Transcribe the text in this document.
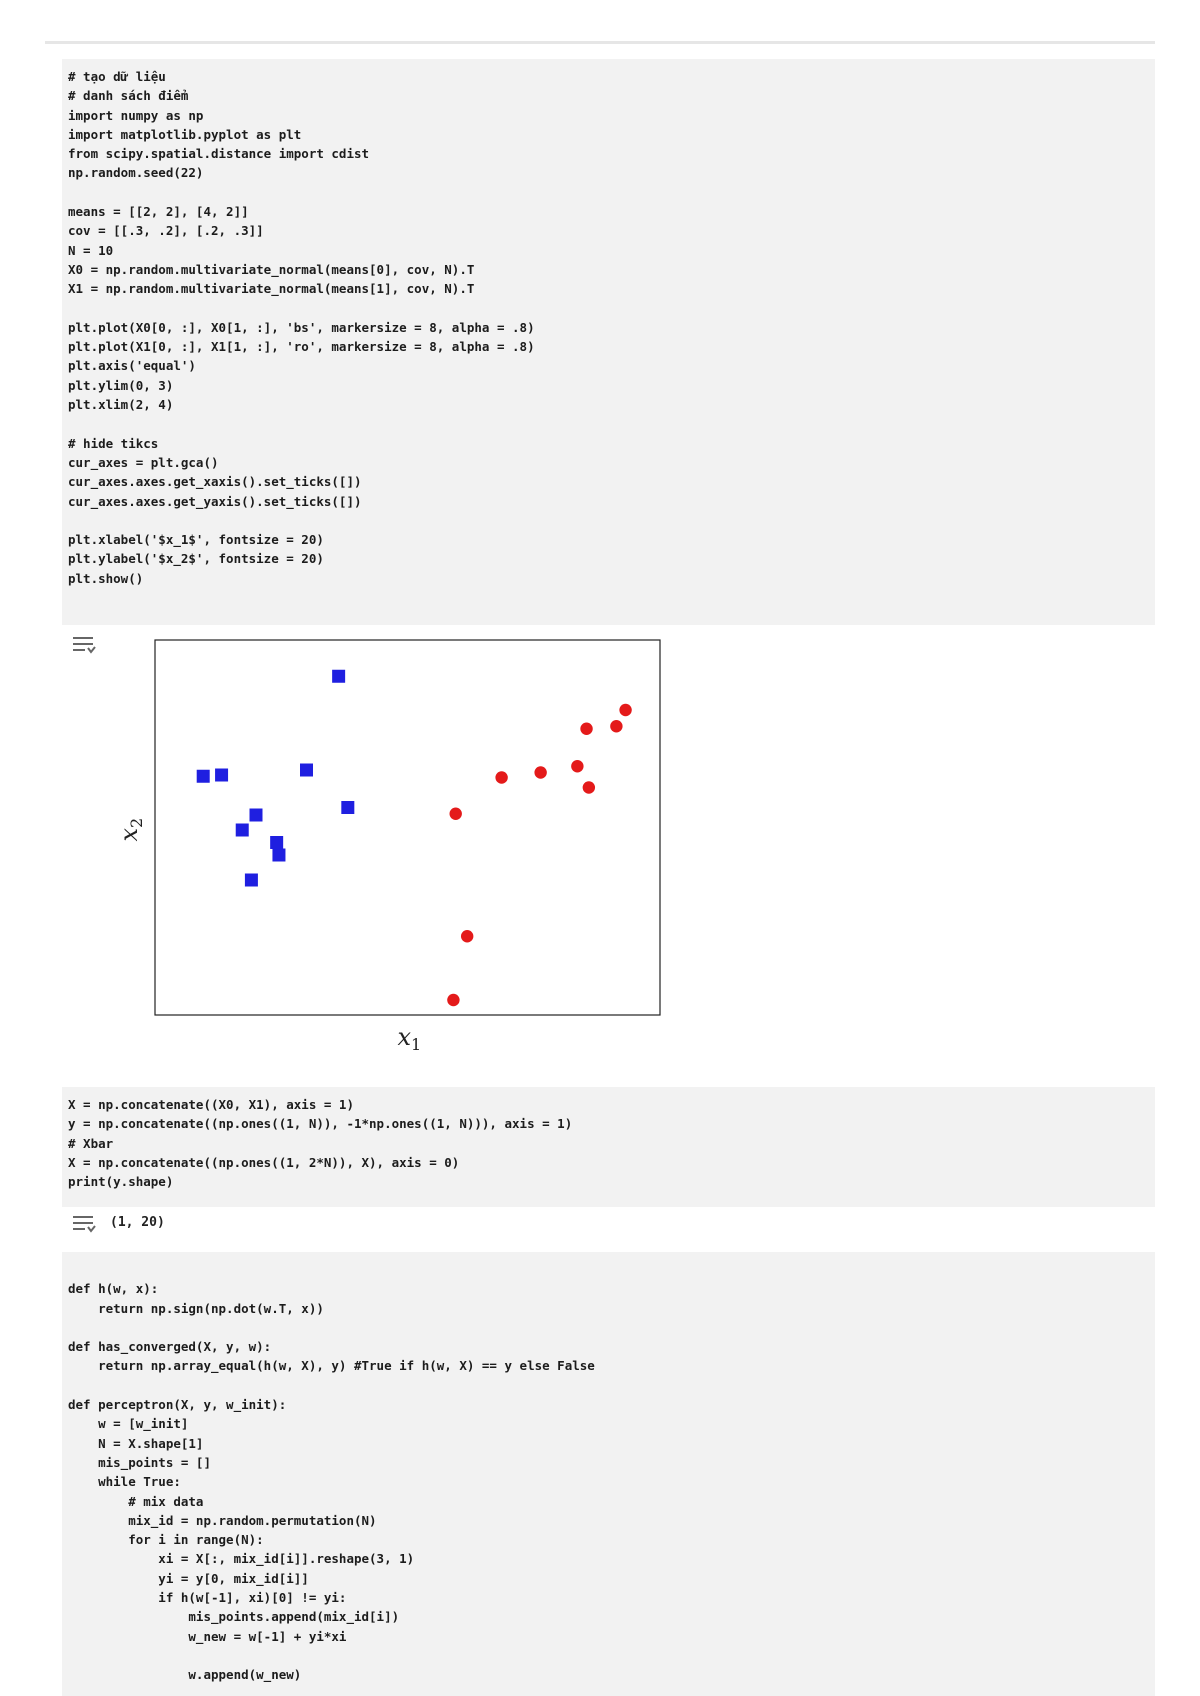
# tạo dữ liệu
# danh sách điểm
import numpy as np
import matplotlib.pyplot as plt
from scipy.spatial.distance import cdist
np.random.seed(22)

means = [[2, 2], [4, 2]]
cov = [[.3, .2], [.2, .3]]
N = 10
X0 = np.random.multivariate_normal(means[0], cov, N).T
X1 = np.random.multivariate_normal(means[1], cov, N).T

plt.plot(X0[0, :], X0[1, :], 'bs', markersize = 8, alpha = .8)
plt.plot(X1[0, :], X1[1, :], 'ro', markersize = 8, alpha = .8)
plt.axis('equal')
plt.ylim(0, 3)
plt.xlim(2, 4)

# hide tikcs
cur_axes = plt.gca()
cur_axes.axes.get_xaxis().set_ticks([])
cur_axes.axes.get_yaxis().set_ticks([])

plt.xlabel('$x_1$', fontsize = 20)
plt.ylabel('$x_2$', fontsize = 20)
plt.show()
$x_1$
$x_2$
X = np.concatenate((X0, X1), axis = 1)
y = np.concatenate((np.ones((1, N)), -1*np.ones((1, N))), axis = 1)
# Xbar
X = np.concatenate((np.ones((1, 2*N)), X), axis = 0)
print(y.shape)
(1, 20)

def h(w, x):
return np.sign(np.dot(w.T, x))

def has_converged(X, y, w):
return np.array_equal(h(w, X), y) #True if h(w, X) == y else False

def perceptron(X, y, w_init):
w = [w_init]
N = X.shape[1]
mis_points = []
while True:
# mix data
mix_id = np.random.permutation(N)
for i in range(N):
xi = X[:, mix_id[i]].reshape(3, 1)
yi = y[0, mix_id[i]]
if h(w[-1], xi)[0] != yi:
mis_points.append(mix_id[i])
w_new = w[-1] + yi*xi

w.append(w_new)
